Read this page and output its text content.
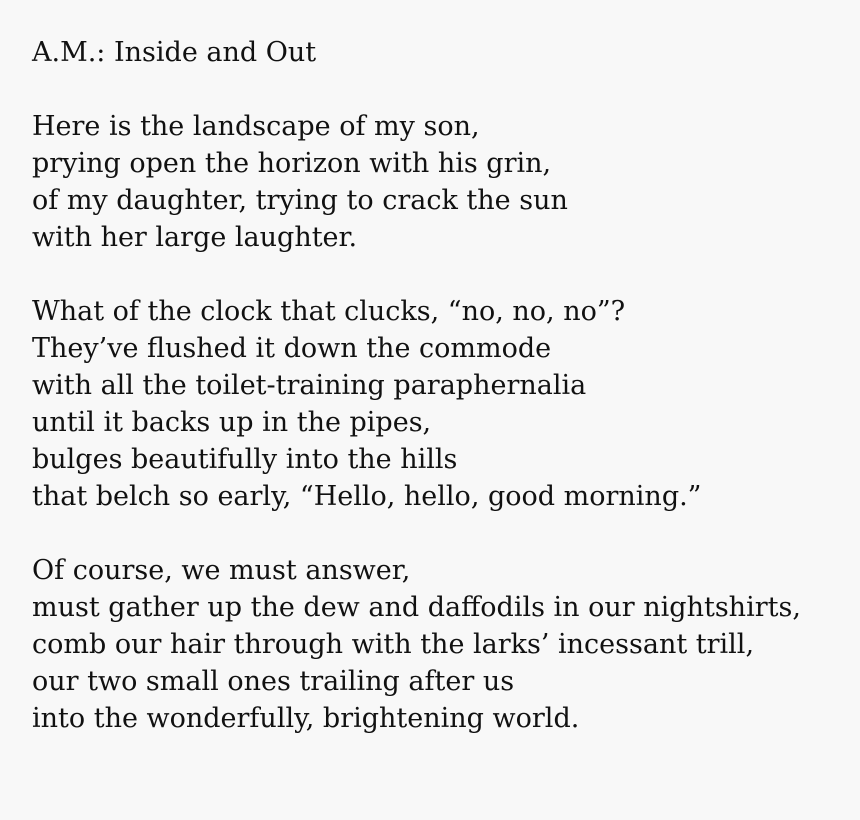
A.M.: Inside and Out
Here is the landscape of my son,
prying open the horizon with his grin,
of my daughter, trying to crack the sun
with her large laughter.
What of the clock that clucks, “no, no, no”?
They’ve flushed it down the commode
with all the toilet-training paraphernalia
until it backs up in the pipes,
bulges beautifully into the hills
that belch so early, “Hello, hello, good morning.”
Of course, we must answer,
must gather up the dew and daffodils in our nightshirts,
comb our hair through with the larks’ incessant trill,
our two small ones trailing after us
into the wonderfully, brightening world.
